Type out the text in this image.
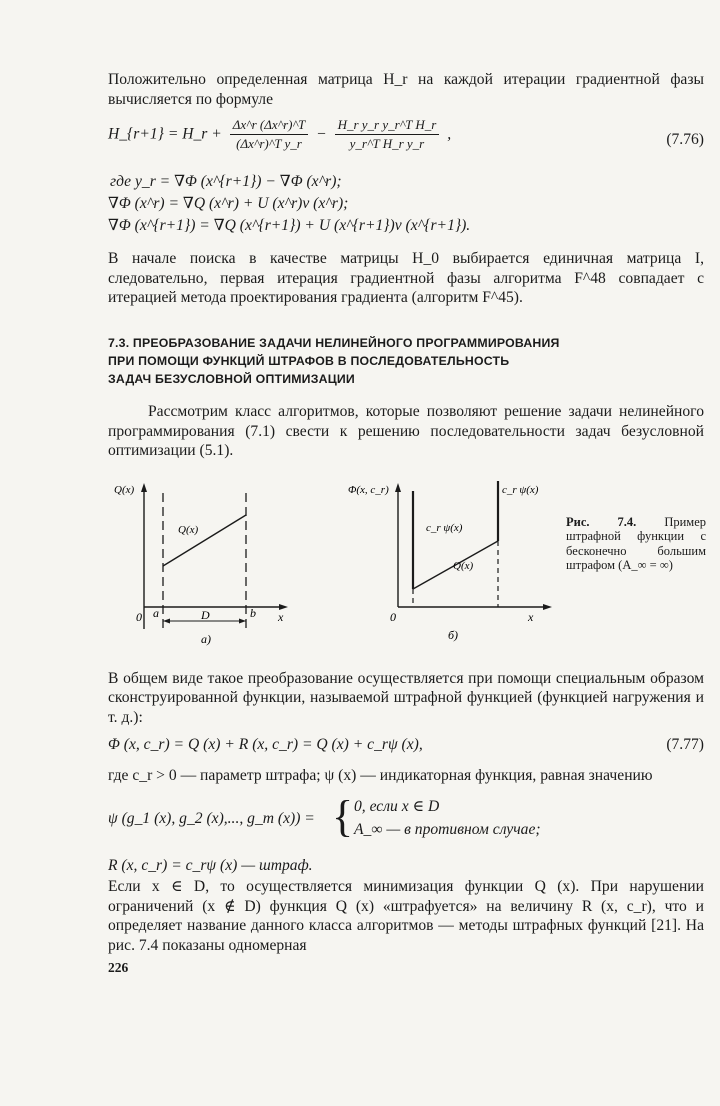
Положительно определенная матрица H_r на каждой итерации градиентной фазы вычисляется по формуле

H_{r+1} = H_r + $\frac{\Delta x\^{}r (\Delta x\^{}r)\^{}T}{\text{(Δx\textasciicircum{}r)\textasciicircum{}T y\_r}} - \frac{\text{H\_r y\_r y\_r\textasciicircum{}T H\_r}}{\text{y\_r\textasciicircum{}T H\_r y\_r}}$ ,	(7.76)

где y_r = ∇Φ (x^{r+1}) − ∇Φ (x^r);

∇Φ (x^r) = ∇Q (x^r) + U (x^r)v (x^r);

∇Φ (x^{r+1}) = ∇Q (x^{r+1}) + U (x^{r+1})v (x^{r+1}).

В начале поиска в качестве матрицы H_0 выбирается единичная матрица I, следовательно, первая итерация градиентной фазы алгоритма F^48 совпадает с итерацией метода проектирования градиента (алгоритм F^45).

7.3. ПРЕОБРАЗОВАНИЕ ЗАДАЧИ НЕЛИНЕЙНОГО ПРОГРАММИРОВАНИЯ

ПРИ ПОМОЩИ ФУНКЦИЙ ШТРАФОВ В ПОСЛЕДОВАТЕЛЬНОСТЬ

ЗАДАЧ БЕЗУСЛОВНОЙ ОПТИМИЗАЦИИ

Рассмотрим класс алгоритмов, которые позволяют решение задачи нелинейного программирования (7.1) свести к решению последовательности задач безусловной оптимизации (5.1).

Q(x)
Q(x)
0 a	b x
D
а)
Φ(x, c_r)
c_r ψ(x)
c_r ψ(x)
Q(x)
0	x
б)
Рис. 7.4. Пример штрафной функции с бесконечно большим штрафом (A_∞ = ∞)

В общем виде такое преобразование осуществляется при помощи специальным образом сконструированной функции, называемой штрафной функцией (функцией нагружения и т. д.):

Φ (x, c_r) = Q (x) + R (x, c_r) = Q (x) + c_rψ (x),	(7.77)

где c_r > 0 — параметр штрафа; ψ (x) — индикаторная функция, равная значению

ψ (g_1 (x), g_2 (x),..., g_m (x)) = { 0, если x ∈ D
A_∞ — в противном случае;

R (x, c_r) = c_rψ (x) — штраф.

Если x ∈ D, то осуществляется минимизация функции Q (x). При нарушении ограничений (x ∉ D) функция Q (x) «штрафуется» на величину R (x, c_r), что и определяет название данного класса алгоритмов — методы штрафных функций [21]. На рис. 7.4 показаны одномерная

226
